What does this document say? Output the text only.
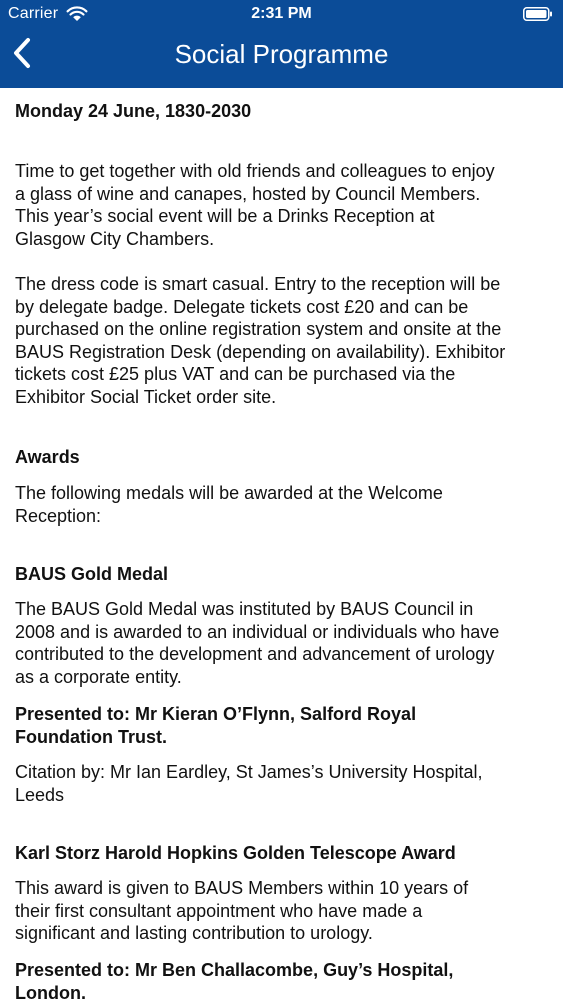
Carrier	2:31 PM
Social Programme

Monday 24 June, 1830-2030

Time to get together with old friends and colleagues to enjoy
a glass of wine and canapes, hosted by Council Members.
This year’s social event will be a Drinks Reception at
Glasgow City Chambers.

The dress code is smart casual. Entry to the reception will be
by delegate badge. Delegate tickets cost £20 and can be
purchased on the online registration system and onsite at the
BAUS Registration Desk (depending on availability). Exhibitor
tickets cost £25 plus VAT and can be purchased via the
Exhibitor Social Ticket order site.

Awards

The following medals will be awarded at the Welcome
Reception:

BAUS Gold Medal

The BAUS Gold Medal was instituted by BAUS Council in
2008 and is awarded to an individual or individuals who have
contributed to the development and advancement of urology
as a corporate entity.

Presented to: Mr Kieran O’Flynn, Salford Royal
Foundation Trust.

Citation by: Mr Ian Eardley, St James’s University Hospital,
Leeds

Karl Storz Harold Hopkins Golden Telescope Award

This award is given to BAUS Members within 10 years of
their first consultant appointment who have made a
significant and lasting contribution to urology.

Presented to: Mr Ben Challacombe, Guy’s Hospital,
London.
